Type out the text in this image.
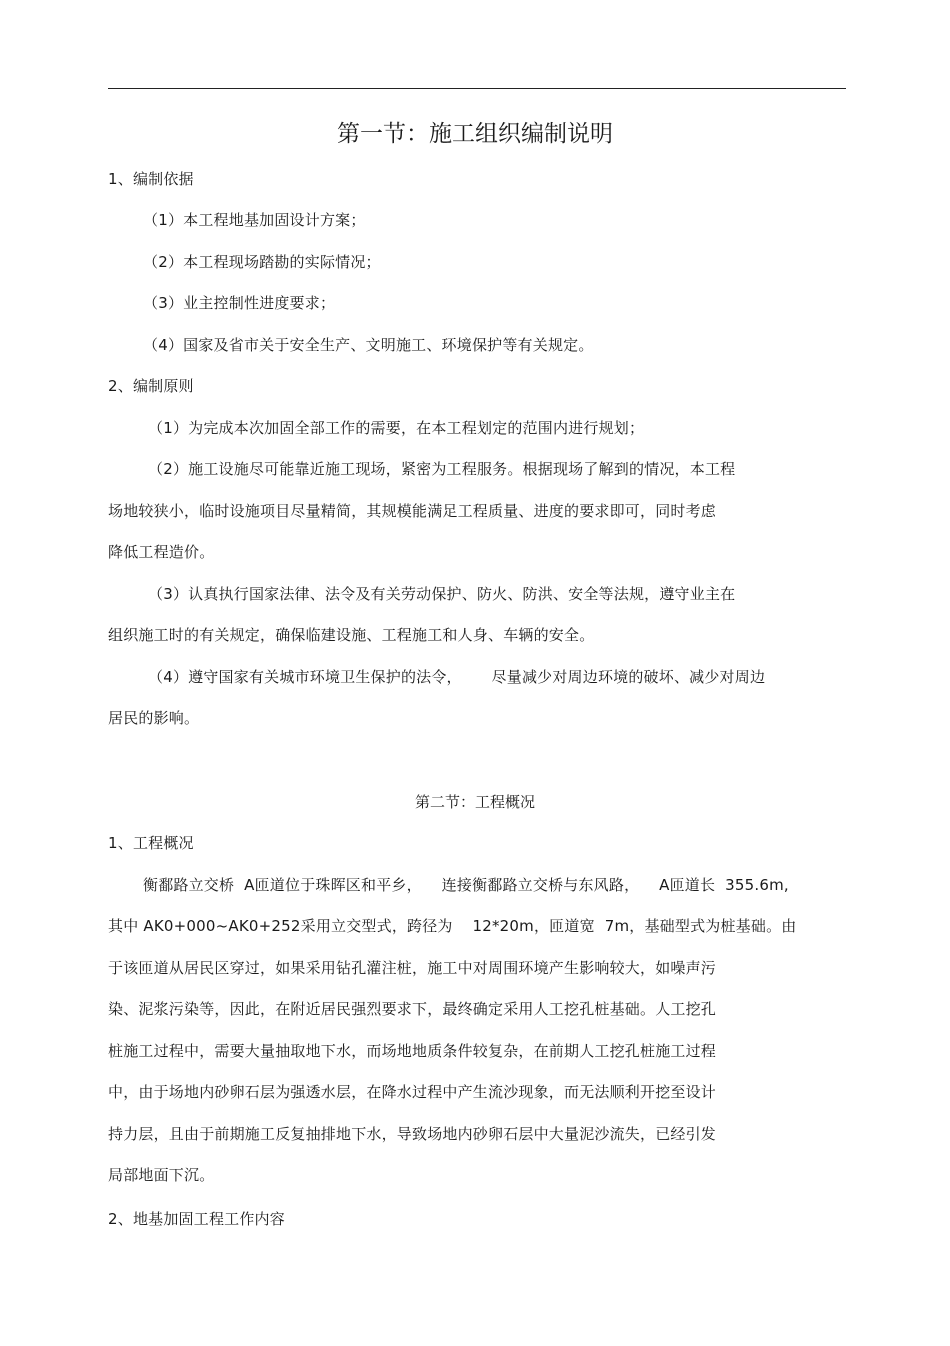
第一节：施工组织编制说明
1、编制依据
（1）本工程地基加固设计方案；
（2）本工程现场踏勘的实际情况；
（3）业主控制性进度要求；
（4）国家及省市关于安全生产、文明施工、环境保护等有关规定。
2、编制原则
（1）为完成本次加固全部工作的需要，在本工程划定的范围内进行规划；
（2）施工设施尽可能靠近施工现场，紧密为工程服务。根据现场了解到的情况，本工程
场地较狭小，临时设施项目尽量精简，其规模能满足工程质量、进度的要求即可，同时考虑
降低工程造价。
（3）认真执行国家法律、法令及有关劳动保护、防火、防洪、安全等法规，遵守业主在
组织施工时的有关规定，确保临建设施、工程施工和人身、车辆的安全。
（4）遵守国家有关城市环境卫生保护的法令，      尽量减少对周边环境的破坏、减少对周边
居民的影响。
第二节：工程概况
1、工程概况
衡鄱路立交桥  A匝道位于珠晖区和平乡，    连接衡鄱路立交桥与东风路，    A匝道长  355.6m,
其中 AK0+000~AK0+252采用立交型式，跨径为    12*20m，匝道宽  7m，基础型式为桩基础。由
于该匝道从居民区穿过，如果采用钻孔灌注桩，施工中对周围环境产生影响较大，如噪声污
染、泥浆污染等，因此，在附近居民强烈要求下，最终确定采用人工挖孔桩基础。人工挖孔
桩施工过程中，需要大量抽取地下水，而场地地质条件较复杂，在前期人工挖孔桩施工过程
中，由于场地内砂卵石层为强透水层，在降水过程中产生流沙现象，而无法顺利开挖至设计
持力层，且由于前期施工反复抽排地下水，导致场地内砂卵石层中大量泥沙流失，已经引发
局部地面下沉。
2、地基加固工程工作内容
